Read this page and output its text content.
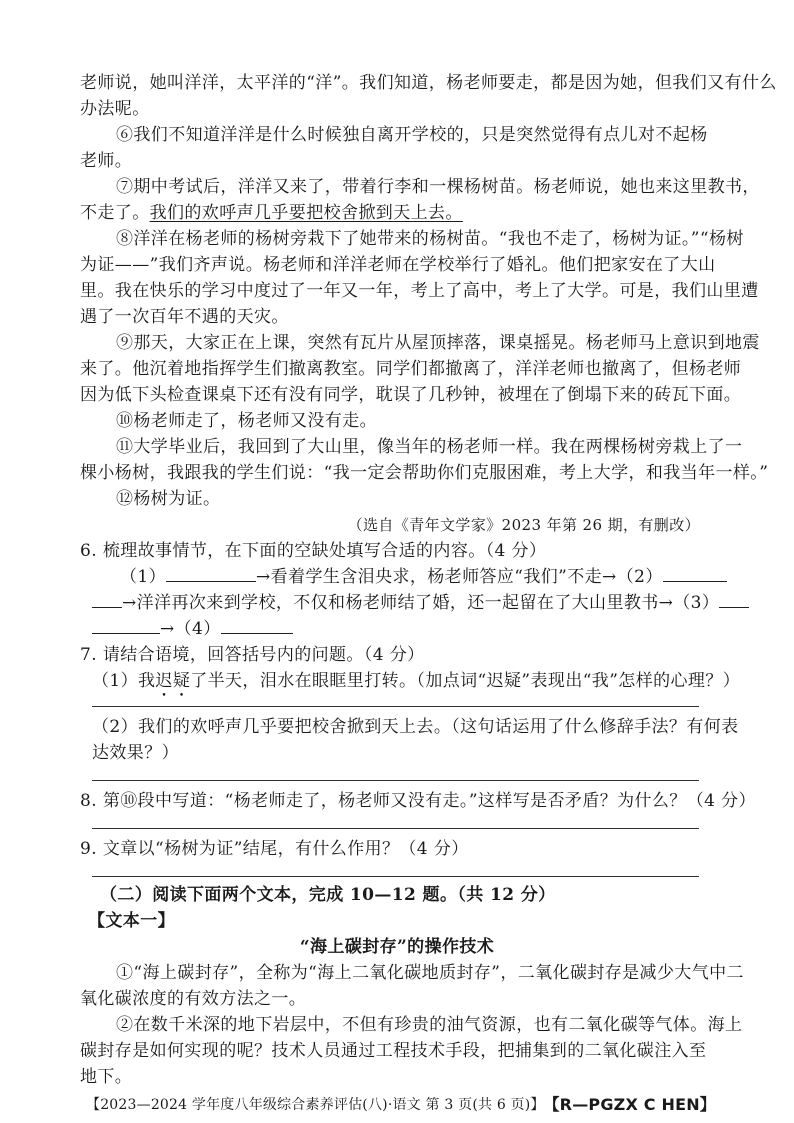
老师说，她叫洋洋，太平洋的“洋”。我们知道，杨老师要走，都是因为她，但我们又有什么
办法呢。
⑥我们不知道洋洋是什么时候独自离开学校的，只是突然觉得有点儿对不起杨
老师。
⑦期中考试后，洋洋又来了，带着行李和一棵杨树苗。杨老师说，她也来这里教书，
不走了。我们的欢呼声几乎要把校舍掀到天上去。
⑧洋洋在杨老师的杨树旁栽下了她带来的杨树苗。“我也不走了，杨树为证。”“杨树
为证——”我们齐声说。杨老师和洋洋老师在学校举行了婚礼。他们把家安在了大山
里。我在快乐的学习中度过了一年又一年，考上了高中，考上了大学。可是，我们山里遭
遇了一次百年不遇的天灾。
⑨那天，大家正在上课，突然有瓦片从屋顶摔落，课桌摇晃。杨老师马上意识到地震
来了。他沉着地指挥学生们撤离教室。同学们都撤离了，洋洋老师也撤离了，但杨老师
因为低下头检查课桌下还有没有同学，耽误了几秒钟，被埋在了倒塌下来的砖瓦下面。
⑩杨老师走了，杨老师又没有走。
⑪大学毕业后，我回到了大山里，像当年的杨老师一样。我在两棵杨树旁栽上了一
棵小杨树，我跟我的学生们说：“我一定会帮助你们克服困难，考上大学，和我当年一样。”
⑫杨树为证。
（选自《青年文学家》2023 年第 26 期，有删改）
6. 梳理故事情节，在下面的空缺处填写合适的内容。（4 分）
（1）	→看着学生含泪央求，杨老师答应“我们”不走→（2）
→洋洋再次来到学校，不仅和杨老师结了婚，还一起留在了大山里教书→（3）
→（4）
7. 请结合语境，回答括号内的问题。（4 分）
（1）我迟疑了半天，泪水在眼眶里打转。（加点词“迟疑”表现出“我”怎样的心理？）
（2）我们的欢呼声几乎要把校舍掀到天上去。（这句话运用了什么修辞手法？有何表
达效果？）
8. 第⑩段中写道：“杨老师走了，杨老师又没有走。”这样写是否矛盾？为什么？（4 分）
9. 文章以“杨树为证”结尾，有什么作用？（4 分）
（二）阅读下面两个文本，完成 10—12 题。（共 12 分）
【文本一】
“海上碳封存”的操作技术
①“海上碳封存”，全称为“海上二氧化碳地质封存”，二氧化碳封存是减少大气中二
氧化碳浓度的有效方法之一。
②在数千米深的地下岩层中，不但有珍贵的油气资源，也有二氧化碳等气体。海上
碳封存是如何实现的呢？技术人员通过工程技术手段，把捕集到的二氧化碳注入至
地下。
【2023—2024 学年度八年级综合素养评估(八)·语文 第 3 页(共 6 页)】
【R—PGZX C HEN】
